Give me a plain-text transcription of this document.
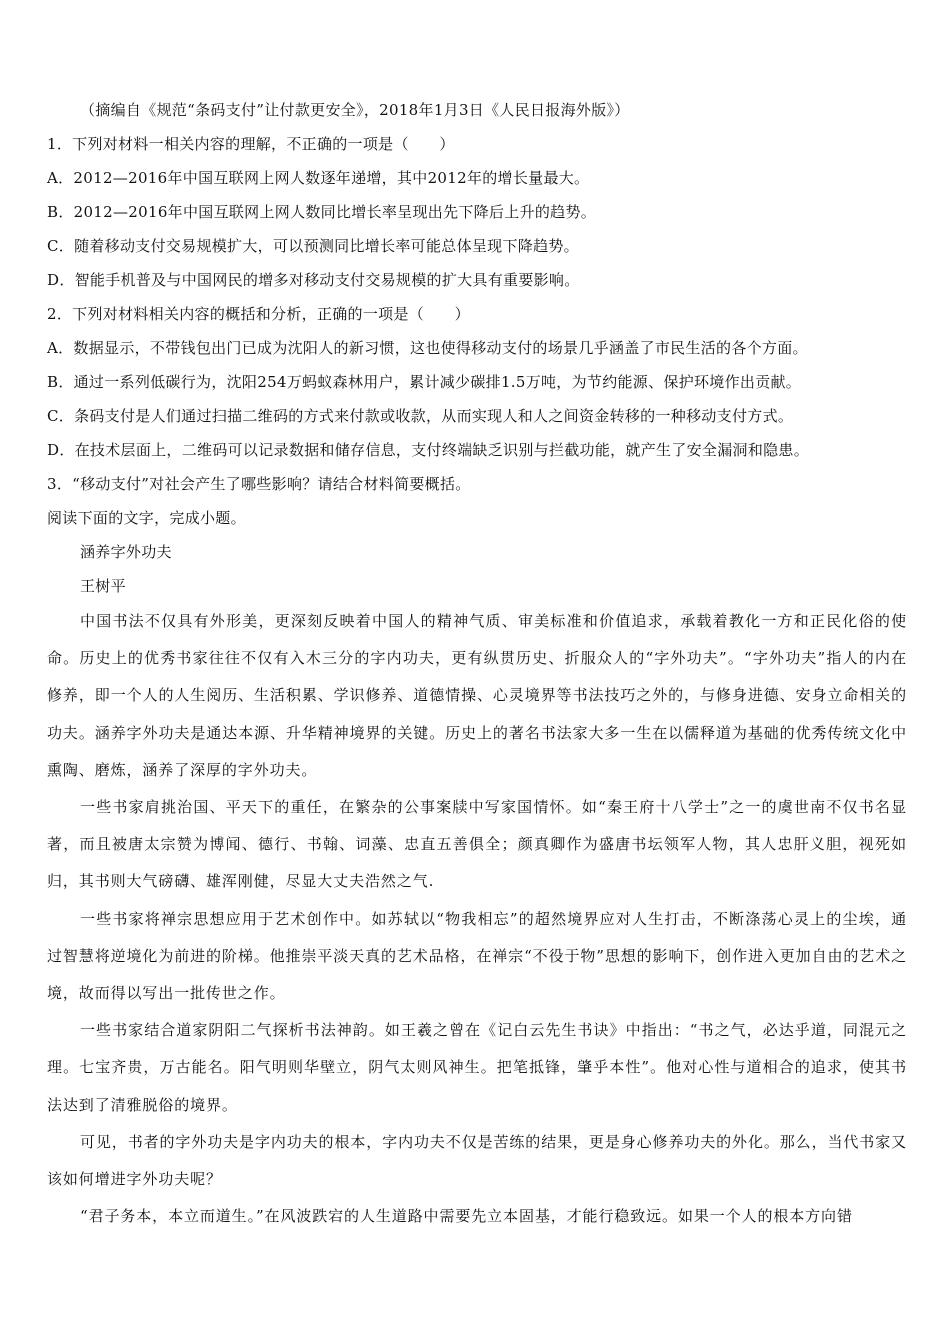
（摘编自《规范“条码支付”让付款更安全》，2018年1月3日《人民日报海外版》）
1．下列对材料一相关内容的理解，不正确的一项是（　　）
A．2012—2016年中国互联网上网人数逐年递增，其中2012年的增长量最大。
B．2012—2016年中国互联网上网人数同比增长率呈现出先下降后上升的趋势。
C．随着移动支付交易规模扩大，可以预测同比增长率可能总体呈现下降趋势。
D．智能手机普及与中国网民的增多对移动支付交易规模的扩大具有重要影响。
2．下列对材料相关内容的概括和分析，正确的一项是（　　）
A．数据显示，不带钱包出门已成为沈阳人的新习惯，这也使得移动支付的场景几乎涵盖了市民生活的各个方面。
B．通过一系列低碳行为，沈阳254万蚂蚁森林用户，累计减少碳排1.5万吨，为节约能源、保护环境作出贡献。
C．条码支付是人们通过扫描二维码的方式来付款或收款，从而实现人和人之间资金转移的一种移动支付方式。
D．在技术层面上，二维码可以记录数据和储存信息，支付终端缺乏识别与拦截功能，就产生了安全漏洞和隐患。
3．“移动支付”对社会产生了哪些影响？请结合材料简要概括。
阅读下面的文字，完成小题。
涵养字外功夫
王树平

中国书法不仅具有外形美，更深刻反映着中国人的精神气质、审美标准和价值追求，承载着教化一方和正民化俗的使命。历史上的优秀书家往往不仅有入木三分的字内功夫，更有纵贯历史、折服众人的“字外功夫”。“字外功夫”指人的内在修养，即一个人的人生阅历、生活积累、学识修养、道德情操、心灵境界等书法技巧之外的，与修身进德、安身立命相关的功夫。涵养字外功夫是通达本源、升华精神境界的关键。历史上的著名书法家大多一生在以儒释道为基础的优秀传统文化中熏陶、磨炼，涵养了深厚的字外功夫。

一些书家肩挑治国、平天下的重任，在繁杂的公事案牍中写家国情怀。如“秦王府十八学士”之一的虞世南不仅书名显著，而且被唐太宗赞为博闻、德行、书翰、词藻、忠直五善俱全；颜真卿作为盛唐书坛领军人物，其人忠肝义胆，视死如归，其书则大气磅礴、雄浑刚健，尽显大丈夫浩然之气.

一些书家将禅宗思想应用于艺术创作中。如苏轼以“物我相忘”的超然境界应对人生打击，不断涤荡心灵上的尘埃，通过智慧将逆境化为前进的阶梯。他推崇平淡天真的艺术品格，在禅宗“不役于物”思想的影响下，创作进入更加自由的艺术之境，故而得以写出一批传世之作。

一些书家结合道家阴阳二气探析书法神韵。如王羲之曾在《记白云先生书诀》中指出：“书之气，必达乎道，同混元之理。七宝齐贵，万古能名。阳气明则华壁立，阴气太则风神生。把笔抵锋，肇乎本性”。他对心性与道相合的追求，使其书法达到了清雅脱俗的境界。

可见，书者的字外功夫是字内功夫的根本，字内功夫不仅是苦练的结果，更是身心修养功夫的外化。那么，当代书家又该如何增进字外功夫呢？

“君子务本，本立而道生。”在风波跌宕的人生道路中需要先立本固基，才能行稳致远。如果一个人的根本方向错
